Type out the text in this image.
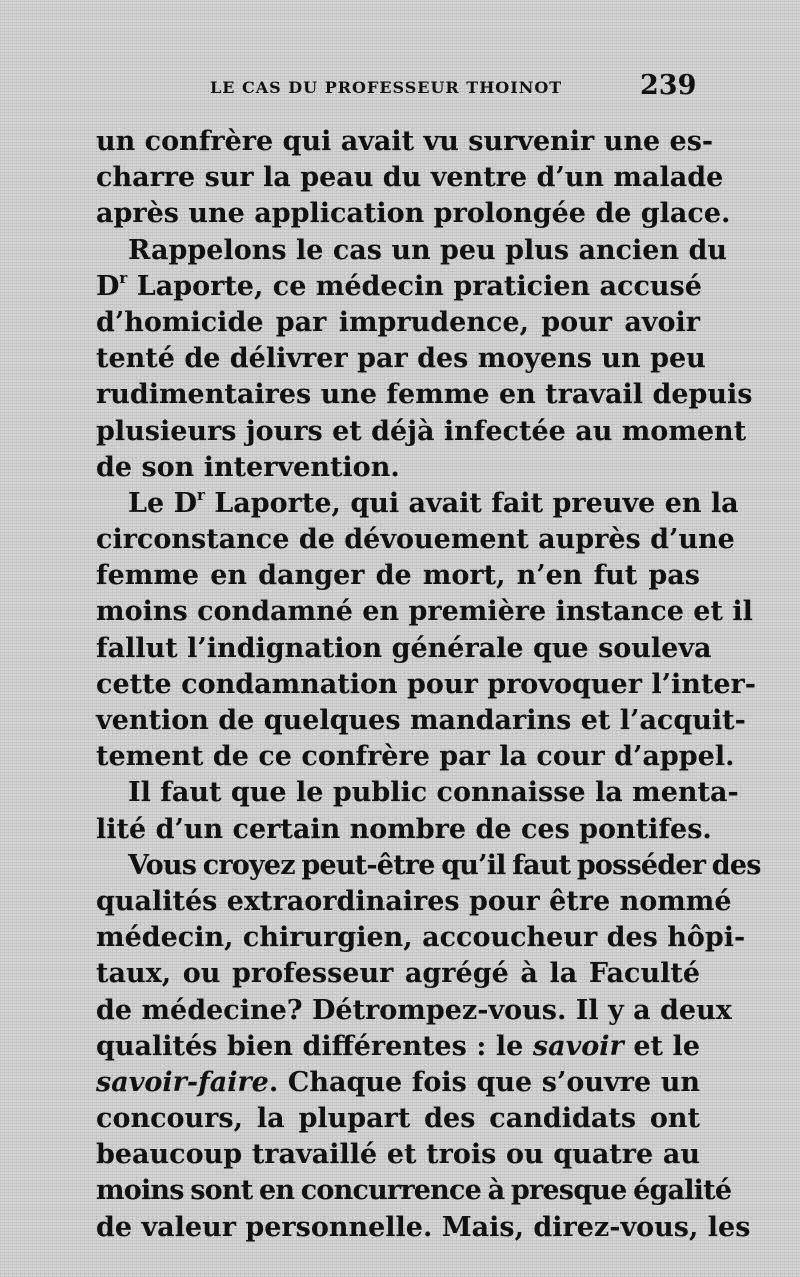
LE CAS DU PROFESSEUR THOINOT	239
un confrère qui avait vu survenir une es-
charre sur la peau du ventre d’un malade
après une application prolongée de glace.
Rappelons le cas un peu plus ancien du
$D^r$ Laporte, ce médecin praticien accusé
d’homicide par imprudence, pour avoir
tenté de délivrer par des moyens un peu
rudimentaires une femme en travail depuis
plusieurs jours et déjà infectée au moment
de son intervention.
Le $D^r$ Laporte, qui avait fait preuve en la
circonstance de dévouement auprès d’une
femme en danger de mort, n’en fut pas
moins condamné en première instance et il
fallut l’indignation générale que souleva
cette condamnation pour provoquer l’inter-
vention de quelques mandarins et l’acquit-
tement de ce confrère par la cour d’appel.
Il faut que le public connaisse la menta-
lité d’un certain nombre de ces pontifes.
Vous croyez peut-être qu’il faut posséder des
qualités extraordinaires pour être nommé
médecin, chirurgien, accoucheur des hôpi-
taux, ou professeur agrégé à la Faculté
de médecine? Détrompez-vous. Il y a deux
qualités bien différentes : le savoir et le
savoir-faire. Chaque fois que s’ouvre un
concours, la plupart des candidats ont
beaucoup travaillé et trois ou quatre au
moins sont en concurrence à presque égalité
de valeur personnelle. Mais, direz-vous, les
